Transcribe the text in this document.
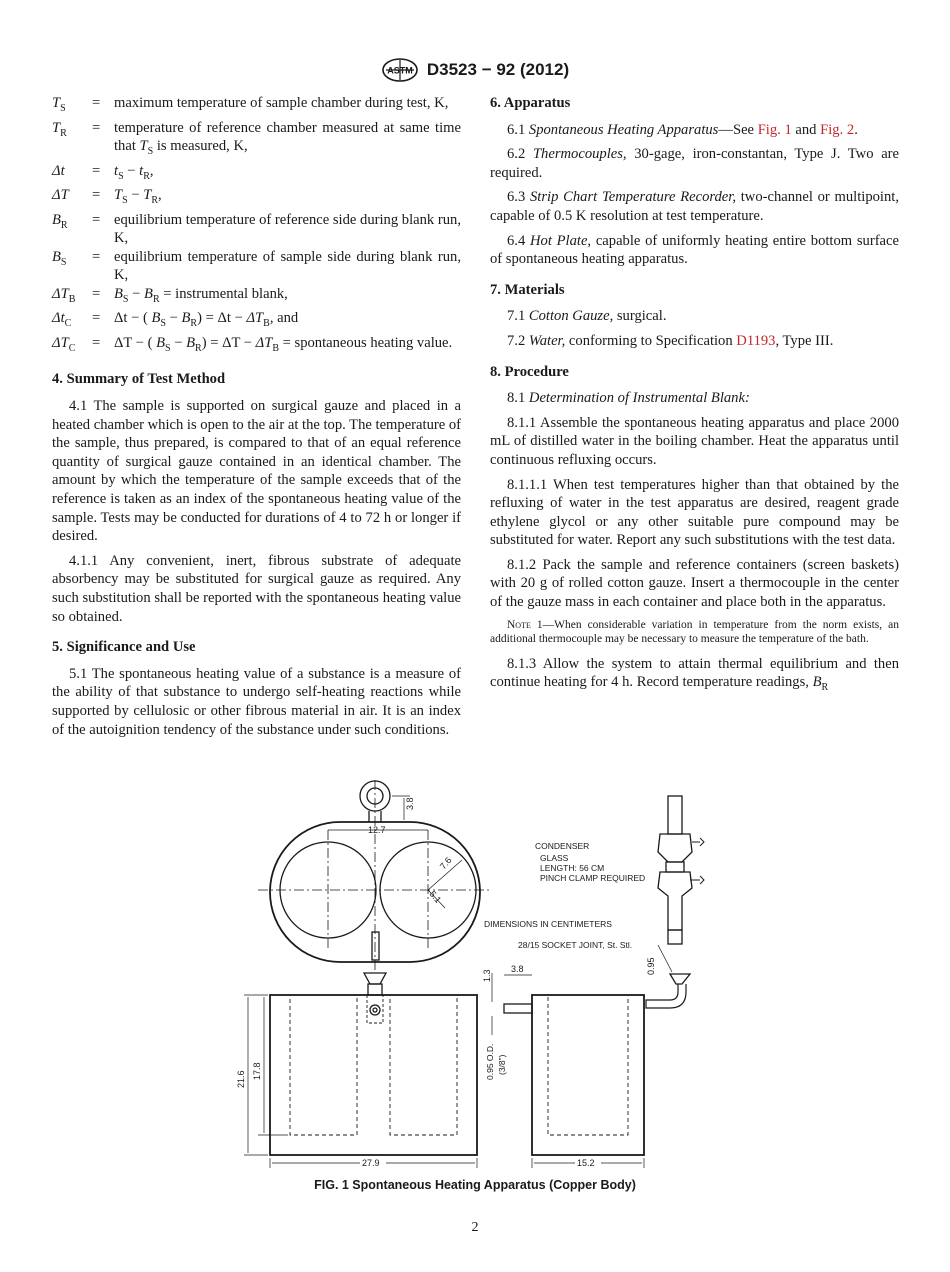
ASTM D3523 − 92 (2012)
$T_S$	=	maximum temperature of sample chamber during test, K,
$T_R$	=	temperature of reference chamber measured at same time that $T_S$ is measured, K,
Δt	=	$t_S - t_R$,
ΔT	=	$T_S - T_R$,
$B_R$	=	equilibrium temperature of reference side during blank run, K,
$B_S$	=	equilibrium temperature of sample side during blank run, K,
$\Delta T_B$	=	$B_S - B_R$ = instrumental blank,
$\Delta t_C$	=	Δt − ( $B_S - B_R) = \Delta t - \Delta T_B$, and
$\Delta T_C$	=	ΔT − ( $B_S - B_R) = \Delta T - \Delta T_B$ = spontaneous heating value.
4. Summary of Test Method

4.1 The sample is supported on surgical gauze and placed in a heated chamber which is open to the air at the top. The temperature of the sample, thus prepared, is compared to that of an equal reference quantity of surgical gauze contained in an identical chamber. The amount by which the temperature of the sample exceeds that of the reference is taken as an index of the spontaneous heating value of the sample. Tests may be conducted for durations of 4 to 72 h or longer if desired.

4.1.1 Any convenient, inert, fibrous substrate of adequate absorbency may be substituted for surgical gauze as required. Any such substitution shall be reported with the spontaneous heating value so obtained.

5. Significance and Use

5.1 The spontaneous heating value of a substance is a measure of the ability of that substance to undergo self-heating reactions while supported by cellulosic or other fibrous material in air. It is an index of the autoignition tendency of the substance under such conditions.

6. Apparatus

6.1 Spontaneous Heating Apparatus—See Fig. 1 and Fig. 2.

6.2 Thermocouples, 30-gage, iron-constantan, Type J. Two are required.

6.3 Strip Chart Temperature Recorder, two-channel or multipoint, capable of 0.5 K resolution at test temperature.

6.4 Hot Plate, capable of uniformly heating entire bottom surface of spontaneous heating apparatus.

7. Materials

7.1 Cotton Gauze, surgical.

7.2 Water, conforming to Specification D1193, Type III.

8. Procedure

8.1 Determination of Instrumental Blank:

8.1.1 Assemble the spontaneous heating apparatus and place 2000 mL of distilled water in the boiling chamber. Heat the apparatus until continuous refluxing occurs.

8.1.1.1 When test temperatures higher than that obtained by the refluxing of water in the test apparatus are desired, reagent grade ethylene glycol or any other suitable pure compound may be substituted for water. Report any such substitutions with the test data.

8.1.2 Pack the sample and reference containers (screen baskets) with 20 g of rolled cotton gauze. Insert a thermocouple in the center of the gauze mass in each container and place both in the apparatus.

Note 1—When considerable variation in temperature from the norm exists, an additional thermocouple may be necessary to measure the temperature of the bath.

8.1.3 Allow the system to attain thermal equilibrium and then continue heating for 4 h. Record temperature readings, $B_R$

3.8
12.7
7.6
5.1
21.6 17.8
27.9
1.3
3.8
0.95 O.D. (3/8")
15.2
CONDENSER
GLASS
LENGTH: 56 CM
PINCH CLAMP REQUIRED
DIMENSIONS IN CENTIMETERS
28/15 SOCKET JOINT, St. Stl.
0.95
FIG. 1 Spontaneous Heating Apparatus (Copper Body)
2
